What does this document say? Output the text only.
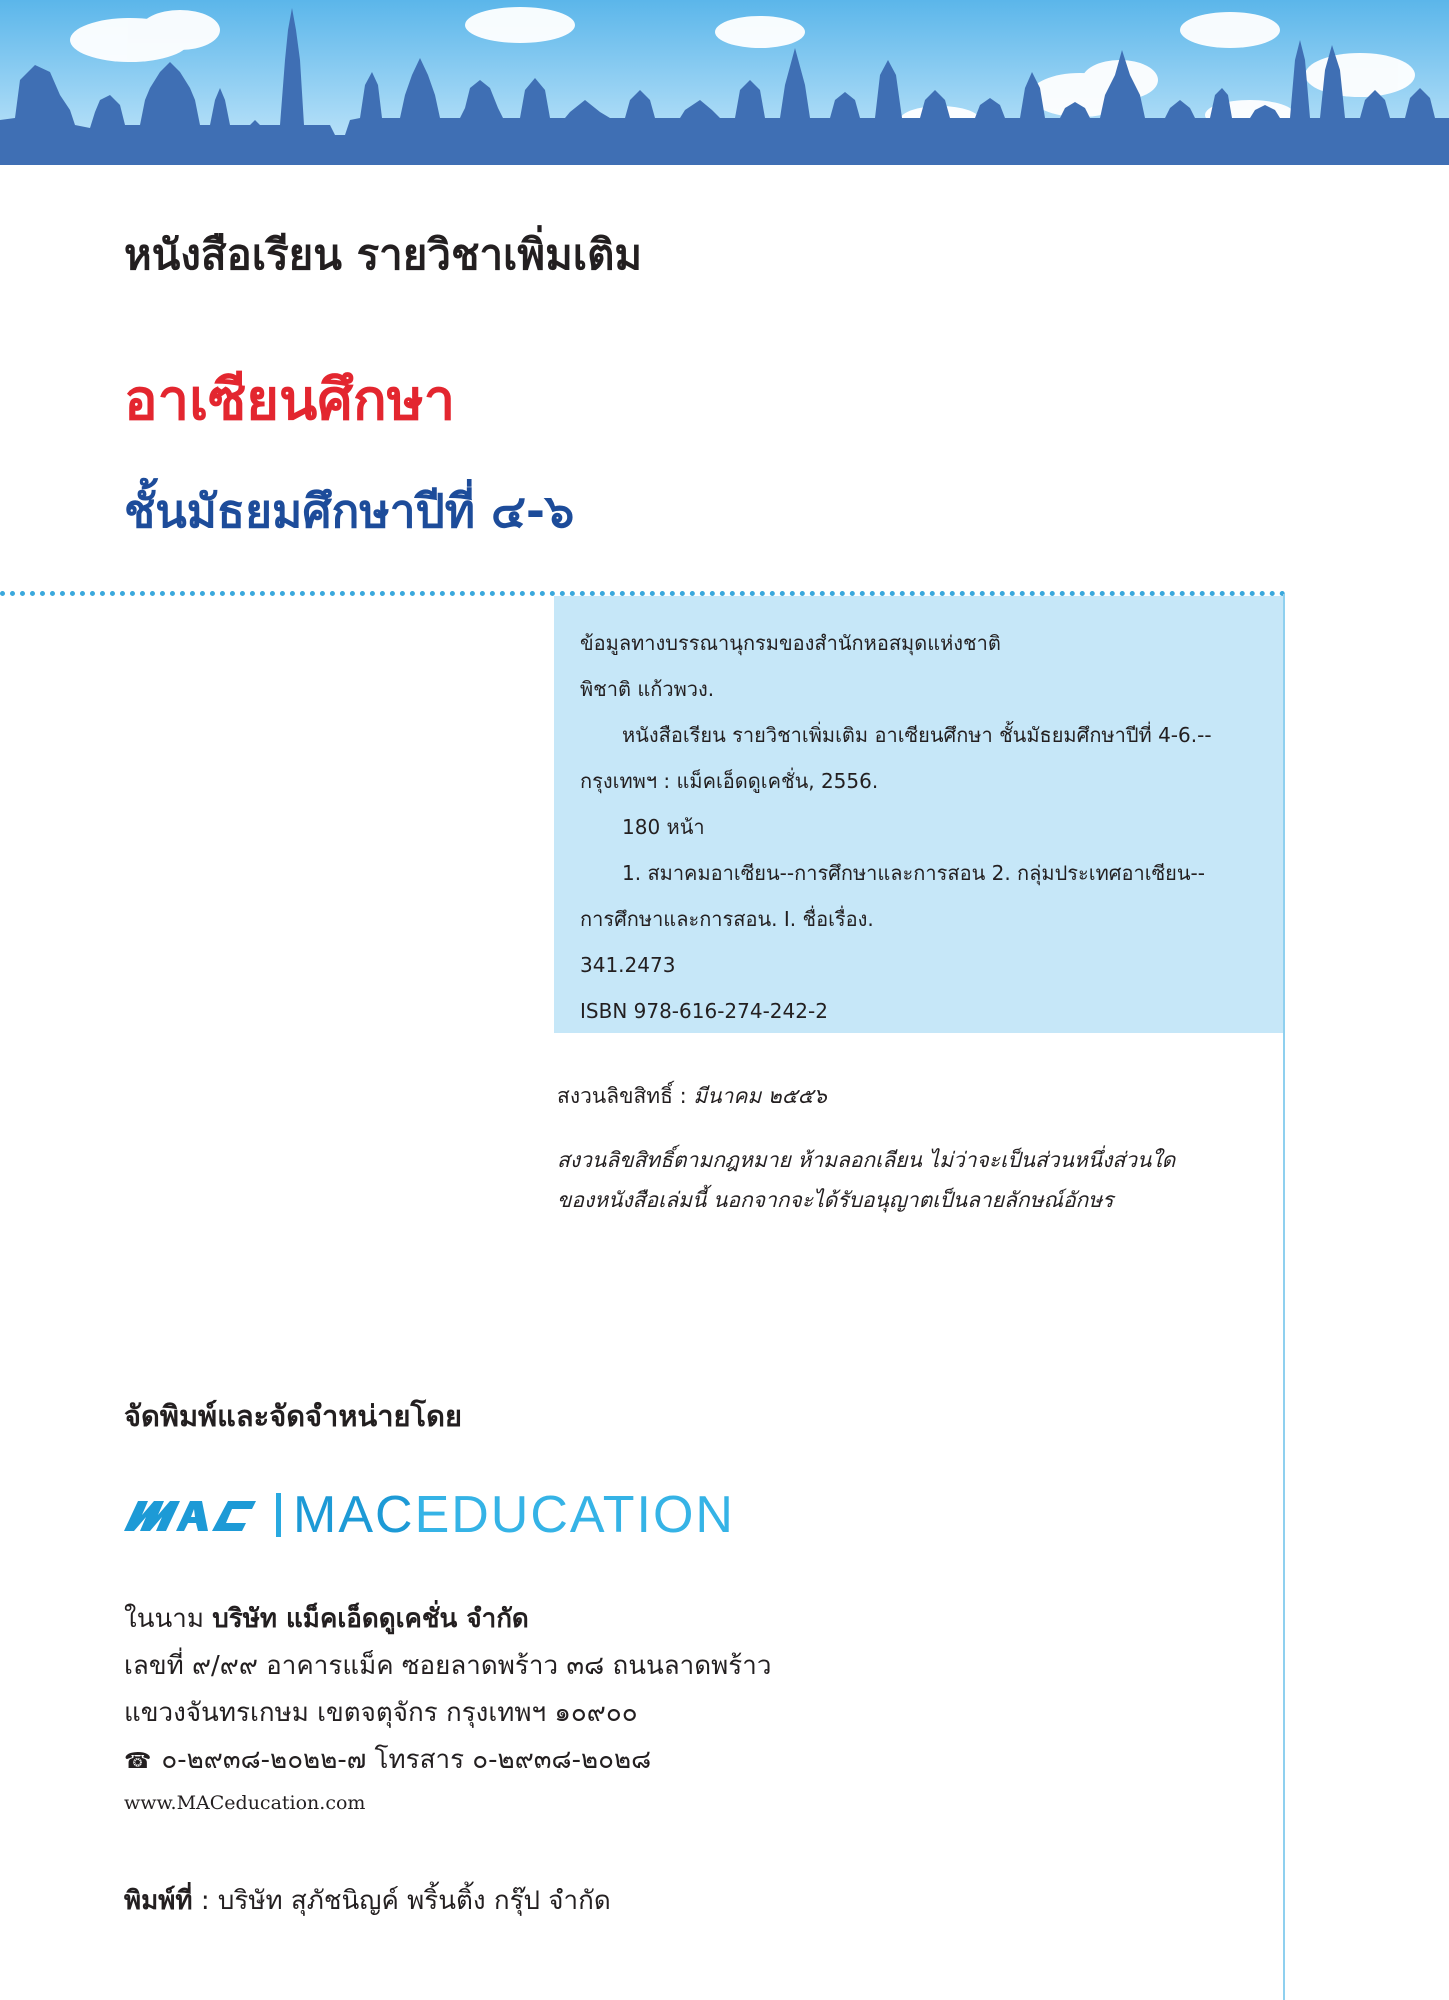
หนังสือเรียน รายวิชาเพิ่มเติม
อาเซียนศึกษา
ชั้นมัธยมศึกษาปีที่ ๔-๖

ข้อมูลทางบรรณานุกรมของสำนักหอสมุดแห่งชาติ

พิชาติ แก้วพวง.

หนังสือเรียน รายวิชาเพิ่มเติม อาเซียนศึกษา ชั้นมัธยมศึกษาปีที่ 4-6.--

กรุงเทพฯ : แม็คเอ็ดดูเคชั่น, 2556.

180 หน้า

1. สมาคมอาเซียน--การศึกษาและการสอน 2. กลุ่มประเทศอาเซียน--

การศึกษาและการสอน. I. ชื่อเรื่อง.

341.2473

ISBN 978-616-274-242-2

สงวนลิขสิทธิ์ : มีนาคม ๒๕๕๖

สงวนลิขสิทธิ์ตามกฎหมาย ห้ามลอกเลียน ไม่ว่าจะเป็นส่วนหนึ่งส่วนใด

ของหนังสือเล่มนี้ นอกจากจะได้รับอนุญาตเป็นลายลักษณ์อักษร

จัดพิมพ์และจัดจำหน่ายโดย
MAC EDUCATION

ในนาม บริษัท แม็คเอ็ดดูเคชั่น จำกัด

เลขที่ ๙/๙๙ อาคารแม็ค ซอยลาดพร้าว ๓๘ ถนนลาดพร้าว

แขวงจันทรเกษม เขตจตุจักร กรุงเทพฯ ๑๐๙๐๐

☎ ๐-๒๙๓๘-๒๐๒๒-๗ โทรสาร ๐-๒๙๓๘-๒๐๒๘

www.MACeducation.com
พิมพ์ที่ : บริษัท สุภัชนิญค์ พริ้นติ้ง กรุ๊ป จำกัด
